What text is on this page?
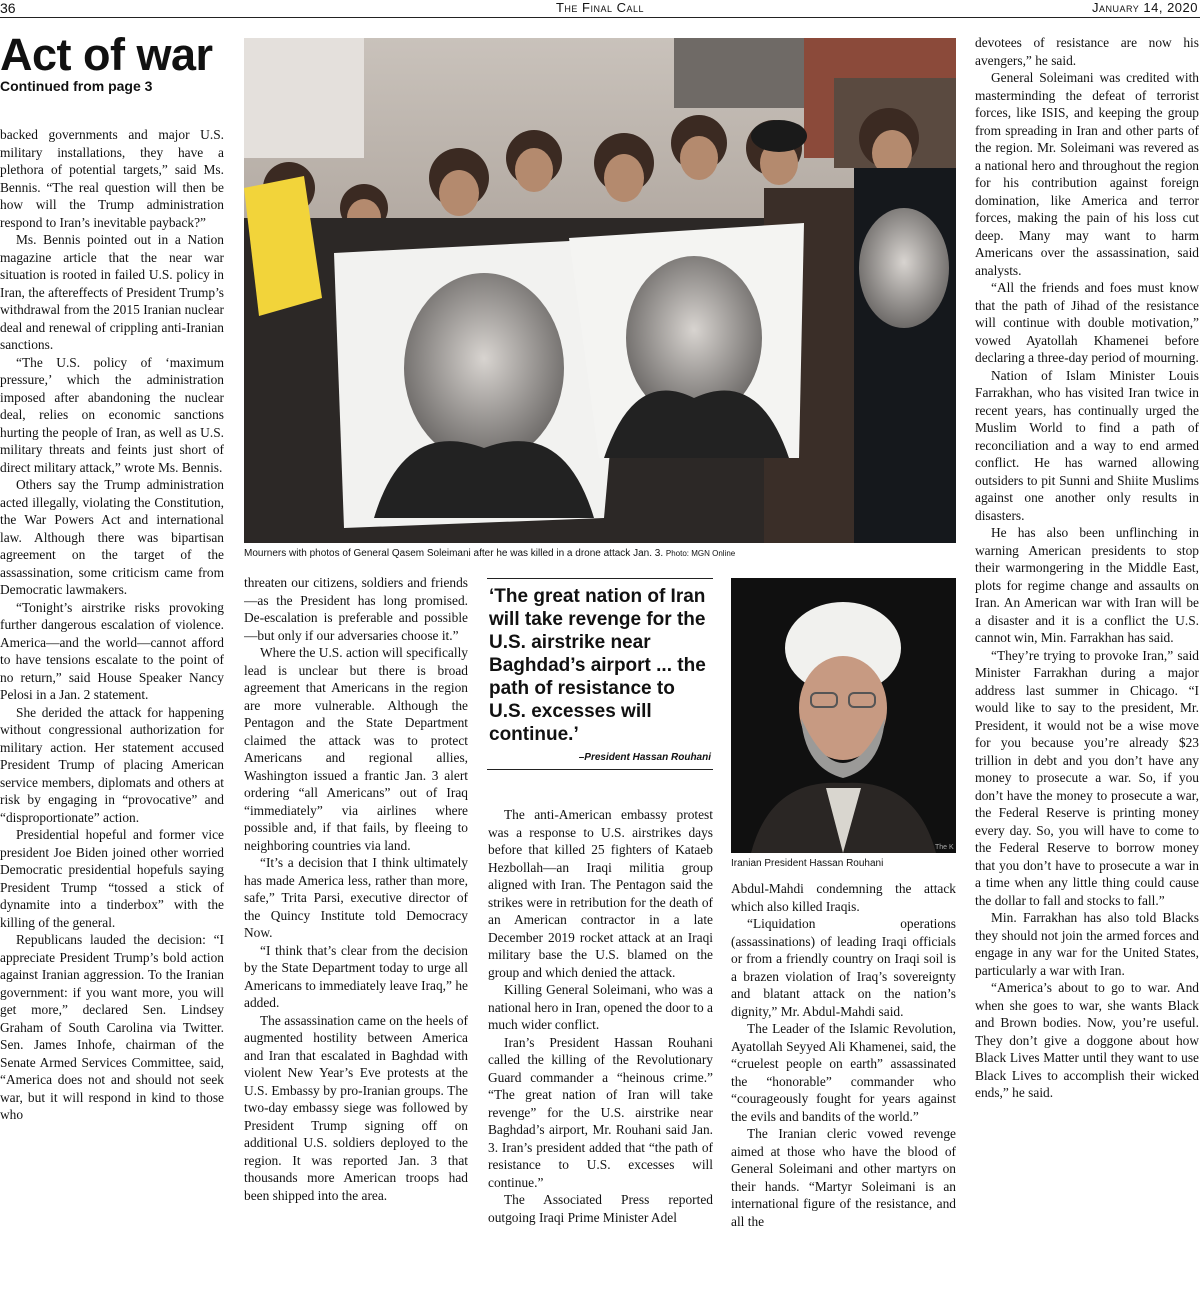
36	The Final Call	January 14, 2020
Act of war
Continued from page 3
Mourners with photos of General Qasem Soleimani after he was killed in a drone attack Jan. 3. Photo: MGN Online

backed governments and major U.S. military installations, they have a plethora of potential targets,” said Ms. Bennis. “The real question will then be how will the Trump administration respond to Iran’s inevitable payback?”

Ms. Bennis pointed out in a Nation magazine article that the near war situation is rooted in failed U.S. policy in Iran, the aftereffects of President Trump’s withdrawal from the 2015 Iranian nuclear deal and renewal of crippling anti-Iranian sanctions.

“The U.S. policy of ‘maximum pressure,’ which the administration imposed after abandoning the nuclear deal, relies on economic sanctions hurting the people of Iran, as well as U.S. military threats and feints just short of direct military attack,” wrote Ms. Bennis.

Others say the Trump administration acted illegally, violating the Constitution, the War Powers Act and international law. Although there was bipartisan agreement on the target of the assassination, some criticism came from Democratic lawmakers.

“Tonight’s airstrike risks provoking further dangerous escalation of violence. America—and the world—cannot afford to have tensions escalate to the point of no return,” said House Speaker Nancy Pelosi in a Jan. 2 statement.

She derided the attack for happening without congressional authorization for military action. Her statement accused President Trump of placing American service members, diplomats and others at risk by engaging in “provocative” and “disproportionate” action.

Presidential hopeful and former vice president Joe Biden joined other worried Democratic presidential hopefuls saying President Trump “tossed a stick of dynamite into a tinderbox” with the killing of the general.

Republicans lauded the decision: “I appreciate President Trump’s bold action against Iranian aggression. To the Iranian government: if you want more, you will get more,” declared Sen. Lindsey Graham of South Carolina via Twitter. Sen. James Inhofe, chairman of the Senate Armed Services Committee, said, “America does not and should not seek war, but it will respond in kind to those who

threaten our citizens, soldiers and friends—as the President has long promised. De-escalation is preferable and possible—but only if our adversaries choose it.”

Where the U.S. action will specifically lead is unclear but there is broad agreement that Americans in the region are more vulnerable. Although the Pentagon and the State Department claimed the attack was to protect Americans and regional allies, Washington issued a frantic Jan. 3 alert ordering “all Americans” out of Iraq “immediately” via airlines where possible and, if that fails, by fleeing to neighboring countries via land.

“It’s a decision that I think ultimately has made America less, rather than more, safe,” Trita Parsi, executive director of the Quincy Institute told Democracy Now.

“I think that’s clear from the decision by the State Department today to urge all Americans to immediately leave Iraq,” he added.

The assassination came on the heels of augmented hostility between America and Iran that escalated in Baghdad with violent New Year’s Eve protests at the U.S. Embassy by pro-Iranian groups. The two-day embassy siege was followed by President Trump signing off on additional U.S. soldiers deployed to the region. It was reported Jan. 3 that thousands more American troops had been shipped into the area.

‘The great nation of Iran will take revenge for the U.S. airstrike near Baghdad’s airport ... the path of resistance to U.S. excesses will continue.’
–President Hassan Rouhani

The anti-American embassy protest was a response to U.S. airstrikes days before that killed 25 fighters of Kataeb Hezbollah—an Iraqi militia group aligned with Iran. The Pentagon said the strikes were in retribution for the death of an American contractor in a late December 2019 rocket attack at an Iraqi military base the U.S. blamed on the group and which denied the attack.

Killing General Soleimani, who was a national hero in Iran, opened the door to a much wider conflict.

Iran’s President Hassan Rouhani called the killing of the Revolutionary Guard commander a “heinous crime.” “The great nation of Iran will take revenge” for the U.S. airstrike near Baghdad’s airport, Mr. Rouhani said Jan. 3. Iran’s president added that “the path of resistance to U.S. excesses will continue.”

The Associated Press reported outgoing Iraqi Prime Minister Adel

The K
Iranian President Hassan Rouhani

Abdul-Mahdi condemning the attack which also killed Iraqis.

“Liquidation operations (assassinations) of leading Iraqi officials or from a friendly country on Iraqi soil is a brazen violation of Iraq’s sovereignty and blatant attack on the nation’s dignity,” Mr. Abdul-Mahdi said.

The Leader of the Islamic Revolution, Ayatollah Seyyed Ali Khamenei, said, the “cruelest people on earth” assassinated the “honorable” commander who “courageously fought for years against the evils and bandits of the world.”

The Iranian cleric vowed revenge aimed at those who have the blood of General Soleimani and other martyrs on their hands. “Martyr Soleimani is an international figure of the resistance, and all the

devotees of resistance are now his avengers,” he said.

General Soleimani was credited with masterminding the defeat of terrorist forces, like ISIS, and keeping the group from spreading in Iran and other parts of the region. Mr. Soleimani was revered as a national hero and throughout the region for his contribution against foreign domination, like America and terror forces, making the pain of his loss cut deep. Many may want to harm Americans over the assassination, said analysts.

“All the friends and foes must know that the path of Jihad of the resistance will continue with double motivation,” vowed Ayatollah Khamenei before declaring a three-day period of mourning.

Nation of Islam Minister Louis Farrakhan, who has visited Iran twice in recent years, has continually urged the Muslim World to find a path of reconciliation and a way to end armed conflict. He has warned allowing outsiders to pit Sunni and Shiite Muslims against one another only results in disasters.

He has also been unflinching in warning American presidents to stop their warmongering in the Middle East, plots for regime change and assaults on Iran. An American war with Iran will be a disaster and it is a conflict the U.S. cannot win, Min. Farrakhan has said.

“They’re trying to provoke Iran,” said Minister Farrakhan during a major address last summer in Chicago. “I would like to say to the president, Mr. President, it would not be a wise move for you because you’re already $23 trillion in debt and you don’t have any money to prosecute a war. So, if you don’t have the money to prosecute a war, the Federal Reserve is printing money every day. So, you will have to come to the Federal Reserve to borrow money that you don’t have to prosecute a war in a time when any little thing could cause the dollar to fall and stocks to fall.”

Min. Farrakhan has also told Blacks they should not join the armed forces and engage in any war for the United States, particularly a war with Iran.

“America’s about to go to war. And when she goes to war, she wants Black and Brown bodies. Now, you’re useful. They don’t give a doggone about how Black Lives Matter until they want to use Black Lives to accomplish their wicked ends,” he said.
